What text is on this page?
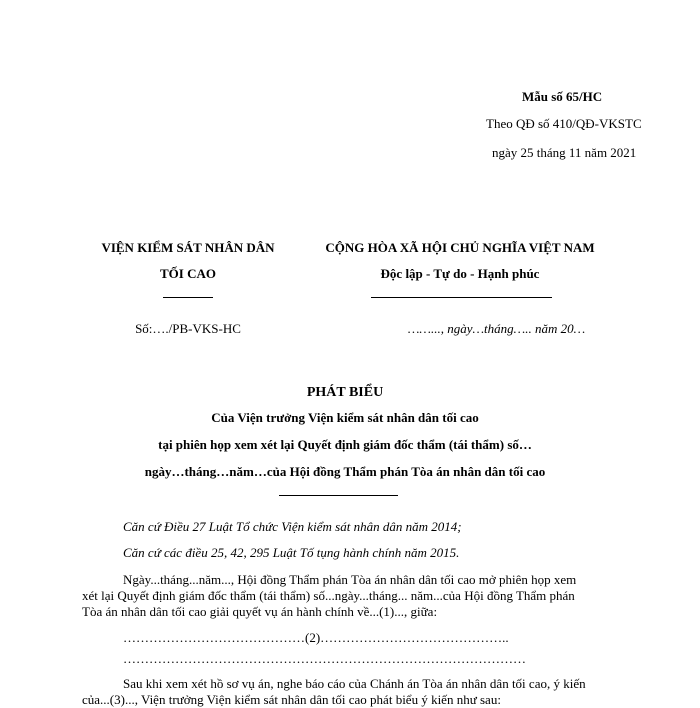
Mẫu số 65/HC
Theo QĐ số 410/QĐ-VKSTC
ngày 25 tháng 11 năm 2021
VIỆN KIỂM SÁT NHÂN DÂN
TỐI CAO
Số:…./PB-VKS-HC
CỘNG HÒA XÃ HỘI CHỦ NGHĨA VIỆT NAM
Độc lập - Tự do - Hạnh phúc
……..., ngày…tháng….. năm 20…
PHÁT BIỂU
Của Viện trưởng Viện kiểm sát nhân dân tối cao
tại phiên họp xem xét lại Quyết định giám đốc thẩm (tái thẩm) số…
ngày…tháng…năm…của Hội đồng Thẩm phán Tòa án nhân dân tối cao
Căn cứ Điều 27 Luật Tổ chức Viện kiểm sát nhân dân năm 2014;
Căn cứ các điều 25, 42, 295 Luật Tố tụng hành chính năm 2015.
Ngày...tháng...năm..., Hội đồng Thẩm phán Tòa án nhân dân tối cao mở phiên họp xem
xét lại Quyết định giám đốc thẩm (tái thẩm) số...ngày...tháng... năm...của Hội đồng Thẩm phán
Tòa án nhân dân tối cao giải quyết vụ án hành chính về...(1)..., giữa:
……………………………………(2)……………………………………..
…………………………………………………………………………………
Sau khi xem xét hồ sơ vụ án, nghe báo cáo của Chánh án Tòa án nhân dân tối cao, ý kiến
của...(3)..., Viện trưởng Viện kiểm sát nhân dân tối cao phát biểu ý kiến như sau:
